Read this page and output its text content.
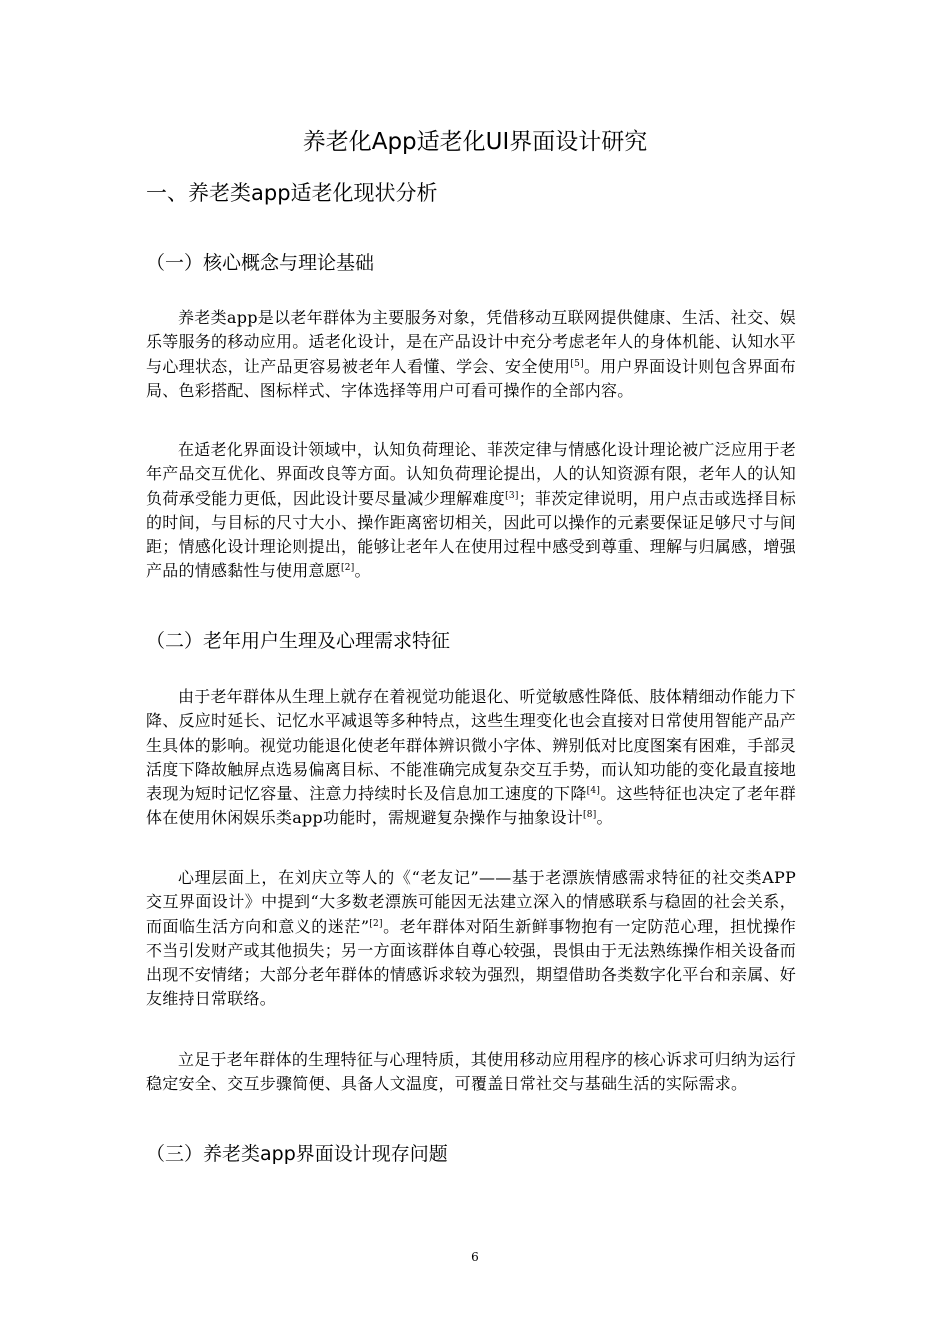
养老化App适老化UI界面设计研究
一、养老类app适老化现状分析
（一）核心概念与理论基础

养老类app是以老年群体为主要服务对象，凭借移动互联网提供健康、生活、社交、娱乐等服务的移动应用。适老化设计，是在产品设计中充分考虑老年人的身体机能、认知水平与心理状态，让产品更容易被老年人看懂、学会、安全使用[5]。用户界面设计则包含界面布局、色彩搭配、图标样式、字体选择等用户可看可操作的全部内容。

在适老化界面设计领域中，认知负荷理论、菲茨定律与情感化设计理论被广泛应用于老年产品交互优化、界面改良等方面。认知负荷理论提出，人的认知资源有限，老年人的认知负荷承受能力更低，因此设计要尽量减少理解难度[3]；菲茨定律说明，用户点击或选择目标的时间，与目标的尺寸大小、操作距离密切相关，因此可以操作的元素要保证足够尺寸与间距；情感化设计理论则提出，能够让老年人在使用过程中感受到尊重、理解与归属感，增强产品的情感黏性与使用意愿[2]。

（二）老年用户生理及心理需求特征

由于老年群体从生理上就存在着视觉功能退化、听觉敏感性降低、肢体精细动作能力下降、反应时延长、记忆水平减退等多种特点，这些生理变化也会直接对日常使用智能产品产生具体的影响。视觉功能退化使老年群体辨识微小字体、辨别低对比度图案有困难，手部灵活度下降故触屏点选易偏离目标、不能准确完成复杂交互手势，而认知功能的变化最直接地表现为短时记忆容量、注意力持续时长及信息加工速度的下降[4]。这些特征也决定了老年群体在使用休闲娱乐类app功能时，需规避复杂操作与抽象设计[8]。

心理层面上，在刘庆立等人的《“老友记”——基于老漂族情感需求特征的社交类APP交互界面设计》中提到“大多数老漂族可能因无法建立深入的情感联系与稳固的社会关系，而面临生活方向和意义的迷茫”[2]。老年群体对陌生新鲜事物抱有一定防范心理，担忧操作不当引发财产或其他损失；另一方面该群体自尊心较强，畏惧由于无法熟练操作相关设备而出现不安情绪；大部分老年群体的情感诉求较为强烈，期望借助各类数字化平台和亲属、好友维持日常联络。

立足于老年群体的生理特征与心理特质，其使用移动应用程序的核心诉求可归纳为运行稳定安全、交互步骤简便、具备人文温度，可覆盖日常社交与基础生活的实际需求。

（三）养老类app界面设计现存问题
6
